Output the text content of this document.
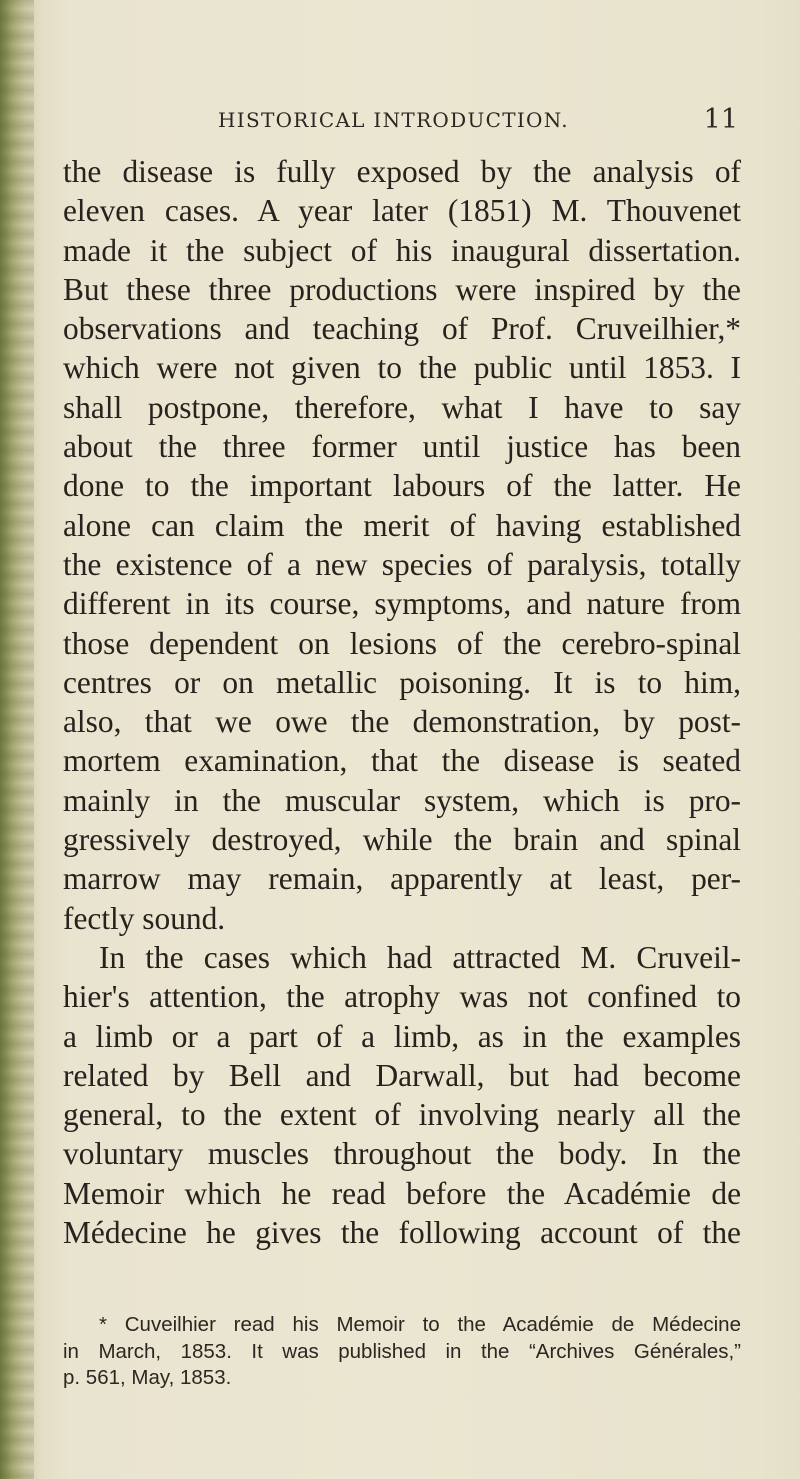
HISTORICAL INTRODUCTION.	11
the disease is fully exposed by the analysis of
eleven cases. A year later (1851) M. Thouvenet
made it the subject of his inaugural dissertation.
But these three productions were inspired by the
observations and teaching of Prof. Cruveilhier,*
which were not given to the public until 1853. I
shall postpone, therefore, what I have to say
about the three former until justice has been
done to the important labours of the latter. He
alone can claim the merit of having established
the existence of a new species of paralysis, totally
different in its course, symptoms, and nature from
those dependent on lesions of the cerebro-spinal
centres or on metallic poisoning. It is to him,
also, that we owe the demonstration, by post-
mortem examination, that the disease is seated
mainly in the muscular system, which is pro-
gressively destroyed, while the brain and spinal
marrow may remain, apparently at least, per-
fectly sound.
In the cases which had attracted M. Cruveil-
hier's attention, the atrophy was not confined to
a limb or a part of a limb, as in the examples
related by Bell and Darwall, but had become
general, to the extent of involving nearly all the
voluntary muscles throughout the body. In the
Memoir which he read before the Académie de
Médecine he gives the following account of the
* Cuveilhier read his Memoir to the Académie de Médecine
in March, 1853. It was published in the “Archives Générales,”
p. 561, May, 1853.
